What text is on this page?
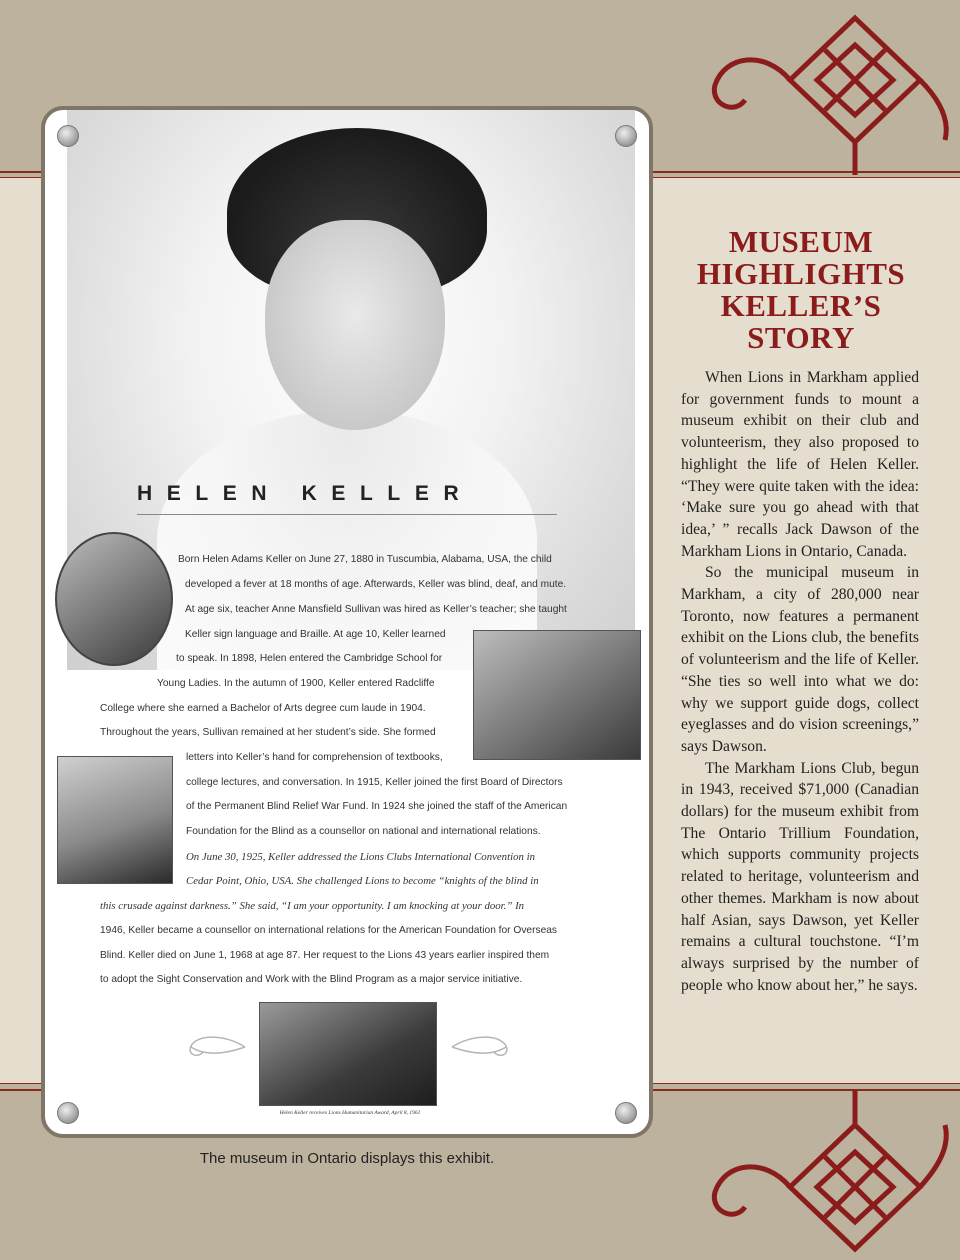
HELEN KELLER
Born Helen Adams Keller on June 27, 1880 in Tuscumbia, Alabama, USA, the child
developed a fever at 18 months of age. Afterwards, Keller was blind, deaf, and mute.
At age six, teacher Anne Mansfield Sullivan was hired as Keller’s teacher; she taught
Keller sign language and Braille. At age 10, Keller learned
to speak. In 1898, Helen entered the Cambridge School for
Young Ladies. In the autumn of 1900, Keller entered Radcliffe
College where she earned a Bachelor of Arts degree cum laude in 1904.
Throughout the years, Sullivan remained at her student’s side. She formed
letters into Keller’s hand for comprehension of textbooks,
college lectures, and conversation. In 1915, Keller joined the first Board of Directors
of the Permanent Blind Relief War Fund. In 1924 she joined the staff of the American
Foundation for the Blind as a counsellor on national and international relations.
On June 30, 1925, Keller addressed the Lions Clubs International Convention in
Cedar Point, Ohio, USA. She challenged Lions to become “knights of the blind in
this crusade against darkness.” She said, “I am your opportunity. I am knocking at your door.” In
1946, Keller became a counsellor on international relations for the American Foundation for Overseas
Blind. Keller died on June 1, 1968 at age 87. Her request to the Lions 43 years earlier inspired them
to adopt the Sight Conservation and Work with the Blind Program as a major service initiative.
Helen Keller receives Lions Humanitarian Award, April 8, 1961
The museum in Ontario displays this exhibit.
MUSEUM
HIGHLIGHTS
KELLER’S
STORY

When Lions in Markham applied for government funds to mount a museum exhibit on their club and volunteerism, they also proposed to highlight the life of Helen Keller. “They were quite taken with the idea: ‘Make sure you go ahead with that idea,’ ” recalls Jack Dawson of the Markham Lions in Ontario, Canada.

So the municipal museum in Markham, a city of 280,000 near Toronto, now features a permanent exhibit on the Lions club, the benefits of volunteerism and the life of Keller. “She ties so well into what we do: why we support guide dogs, collect eyeglasses and do vision screenings,” says Dawson.

The Markham Lions Club, begun in 1943, received $71,000 (Canadian dollars) for the museum exhibit from The Ontario Trillium Foundation, which supports community projects related to heritage, volunteerism and other themes. Markham is now about half Asian, says Dawson, yet Keller remains a cultural touchstone. “I’m always surprised by the number of people who know about her,” he says.
